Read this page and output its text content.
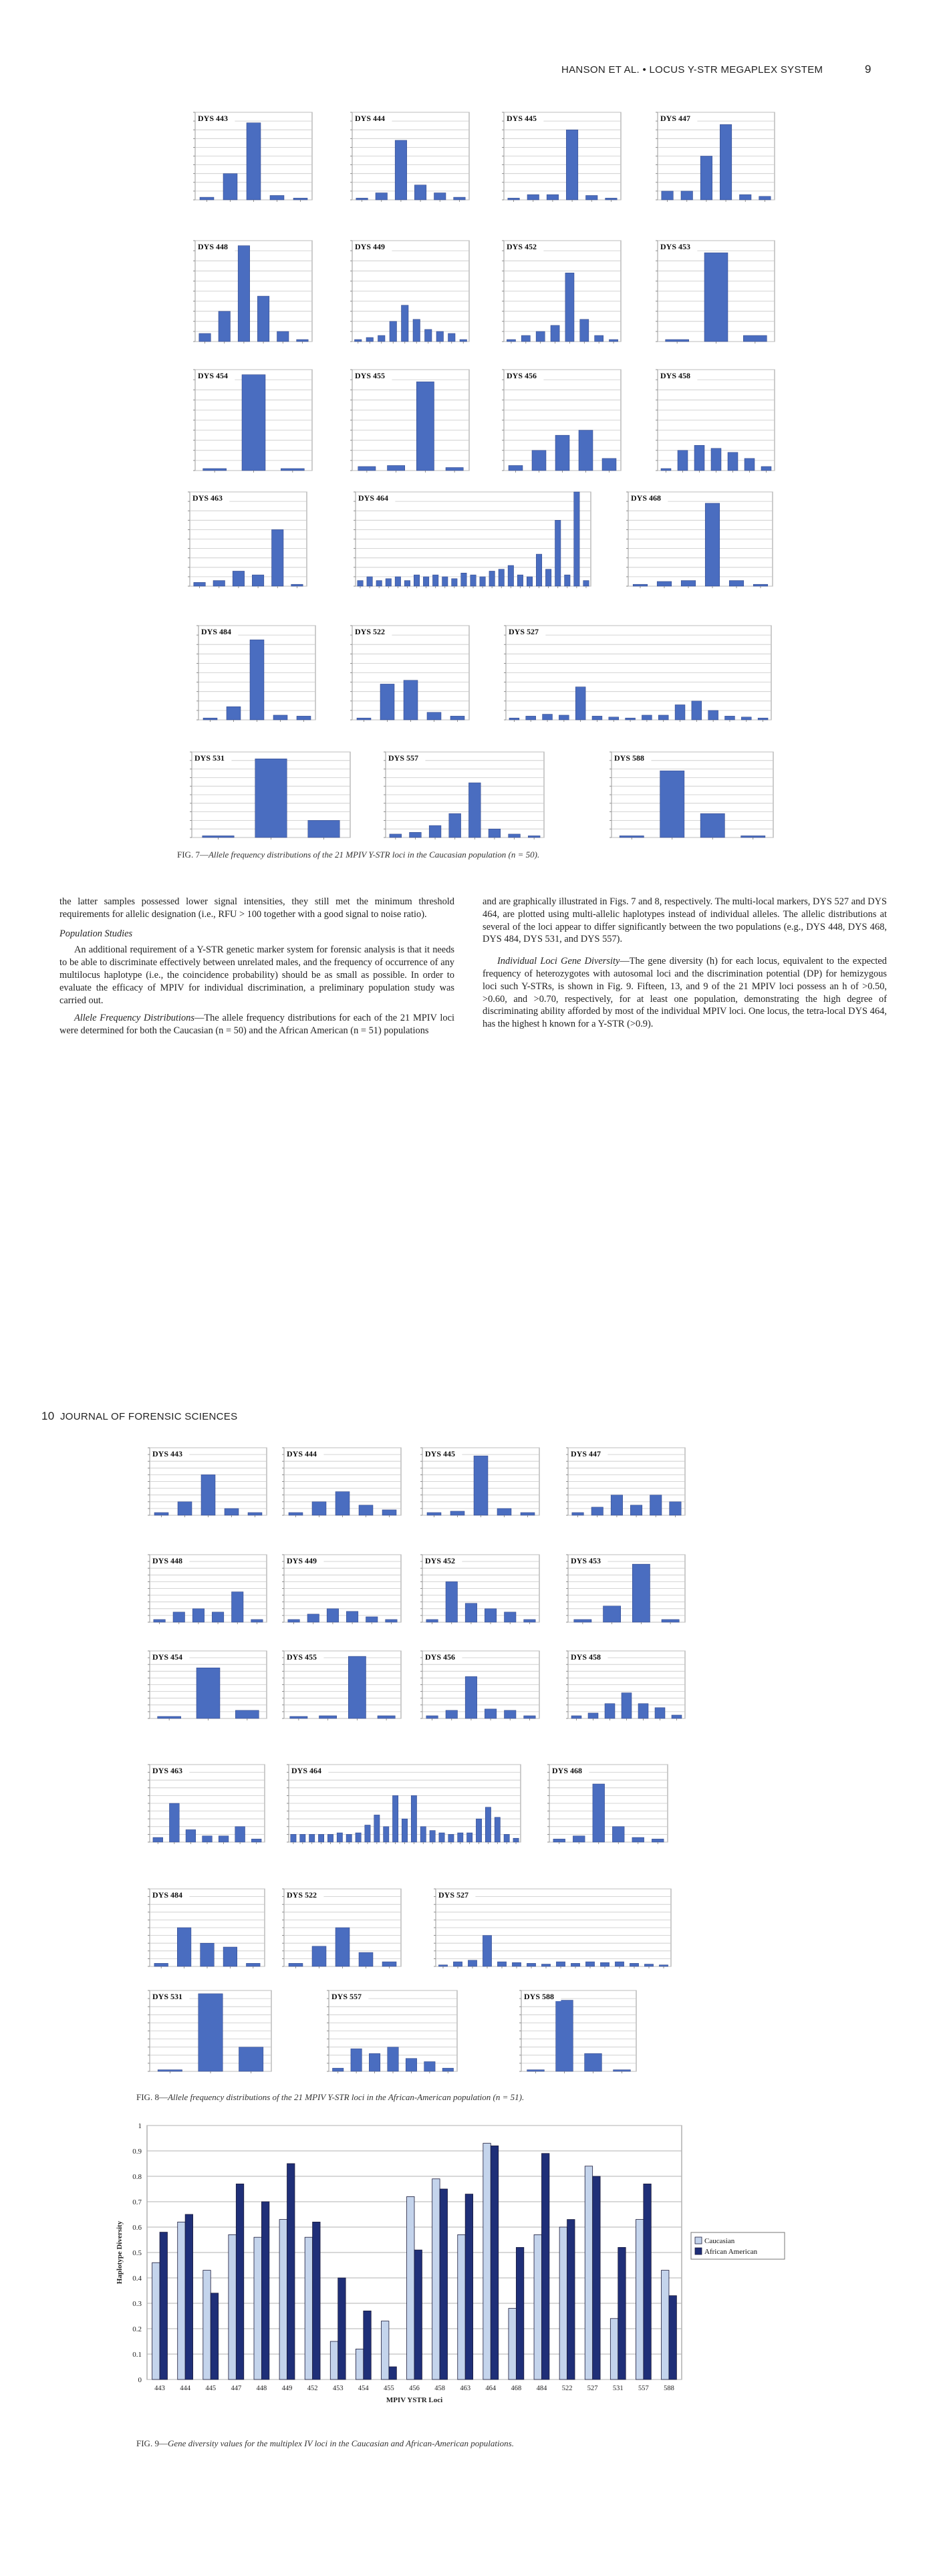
HANSON ET AL. • LOCUS Y-STR MEGAPLEX SYSTEM	9
DYS 443	DYS 444	DYS 445	DYS 447
DYS 448	DYS 449	DYS 452	DYS 453
DYS 454	DYS 455	DYS 456	DYS 458
DYS 463	DYS 464	DYS 468
DYS 484	DYS 522	DYS 527
DYS 531	DYS 557	DYS 588
FIG. 7—Allele frequency distributions of the 21 MPIV Y-STR loci in the Caucasian population (n = 50).

the latter samples possessed lower signal intensities, they still met the minimum threshold requirements for allelic designation (i.e., RFU > 100 together with a good signal to noise ratio).

Population Studies

An additional requirement of a Y-STR genetic marker system for forensic analysis is that it needs to be able to discriminate effectively between unrelated males, and the frequency of occurrence of any multilocus haplotype (i.e., the coincidence probability) should be as small as possible. In order to evaluate the efficacy of MPIV for individual discrimination, a preliminary population study was carried out.

Allele Frequency Distributions—The allele frequency distributions for each of the 21 MPIV loci were determined for both the Caucasian (n = 50) and the African American (n = 51) populations

and are graphically illustrated in Figs. 7 and 8, respectively. The multi-local markers, DYS 527 and DYS 464, are plotted using multi-allelic haplotypes instead of individual alleles. The allelic distributions at several of the loci appear to differ significantly between the two populations (e.g., DYS 448, DYS 468, DYS 484, DYS 531, and DYS 557).

Individual Loci Gene Diversity—The gene diversity (h) for each locus, equivalent to the expected frequency of heterozygotes with autosomal loci and the discrimination potential (DP) for hemizygous loci such Y-STRs, is shown in Fig. 9. Fifteen, 13, and 9 of the 21 MPIV loci possess an h of >0.50, >0.60, and >0.70, respectively, for at least one population, demonstrating the high degree of discriminating ability afforded by most of the individual MPIV loci. One locus, the tetra-local DYS 464, has the highest h known for a Y-STR (>0.9).

10 JOURNAL OF FORENSIC SCIENCES
DYS 443	DYS 444	DYS 445	DYS 447
DYS 448	DYS 449	DYS 452	DYS 453
DYS 454	DYS 455	DYS 456	DYS 458
DYS 463	DYS 464	DYS 468
DYS 484	DYS 522	DYS 527
DYS 531	DYS 557	DYS 588
FIG. 8—Allele frequency distributions of the 21 MPIV Y-STR loci in the African-American population (n = 51).
0
0.1
0.2
0.3
0.4
0.5
0.6
0.7
0.8
0.9
1
443 444 445 447 448 449 452 453 454 455 456 458 463 464 468 484 522 527 531 557 588
MPIV YSTR Loci
Haplotype Diversity	Caucasian
African American
FIG. 9—Gene diversity values for the multiplex IV loci in the Caucasian and African-American populations.
